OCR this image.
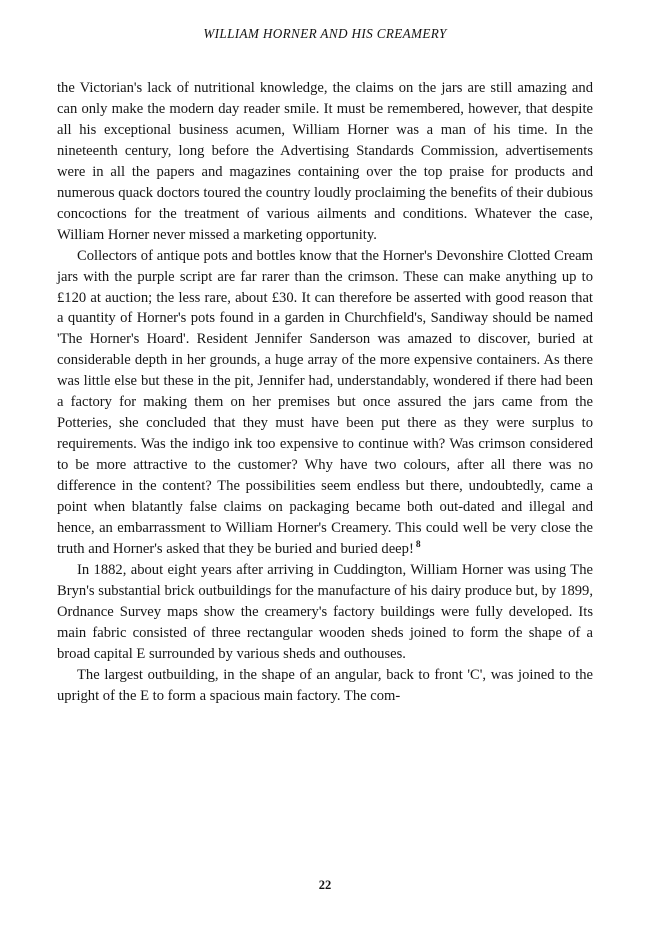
WILLIAM HORNER AND HIS CREAMERY

the Victorian's lack of nutritional knowledge, the claims on the jars are still amazing and can only make the modern day reader smile. It must be remembered, however, that despite all his exceptional business acumen, William Horner was a man of his time. In the nineteenth century, long before the Advertising Standards Commission, advertisements were in all the papers and magazines containing over the top praise for products and numerous quack doctors toured the country loudly proclaiming the benefits of their dubious concoctions for the treatment of various ailments and conditions. Whatever the case, William Horner never missed a marketing opportunity.

Collectors of antique pots and bottles know that the Horner's Devonshire Clotted Cream jars with the purple script are far rarer than the crimson. These can make anything up to £120 at auction; the less rare, about £30. It can therefore be asserted with good reason that a quantity of Horner's pots found in a garden in Churchfield's, Sandiway should be named 'The Horner's Hoard'. Resident Jennifer Sanderson was amazed to discover, buried at considerable depth in her grounds, a huge array of the more expensive containers. As there was little else but these in the pit, Jennifer had, understandably, wondered if there had been a factory for making them on her premises but once assured the jars came from the Potteries, she concluded that they must have been put there as they were surplus to requirements. Was the indigo ink too expensive to continue with? Was crimson considered to be more attractive to the customer? Why have two colours, after all there was no difference in the content? The possibilities seem endless but there, undoubtedly, came a point when blatantly false claims on packaging became both out-dated and illegal and hence, an embarrassment to William Horner's Creamery. This could well be very close the truth and Horner's asked that they be buried and buried deep! $^8$

In 1882, about eight years after arriving in Cuddington, William Horner was using The Bryn's substantial brick outbuildings for the manufacture of his dairy produce but, by 1899, Ordnance Survey maps show the creamery's factory buildings were fully developed. Its main fabric consisted of three rectangular wooden sheds joined to form the shape of a broad capital E surrounded by various sheds and outhouses.

The largest outbuilding, in the shape of an angular, back to front 'C', was joined to the upright of the E to form a spacious main factory. The com-

22
